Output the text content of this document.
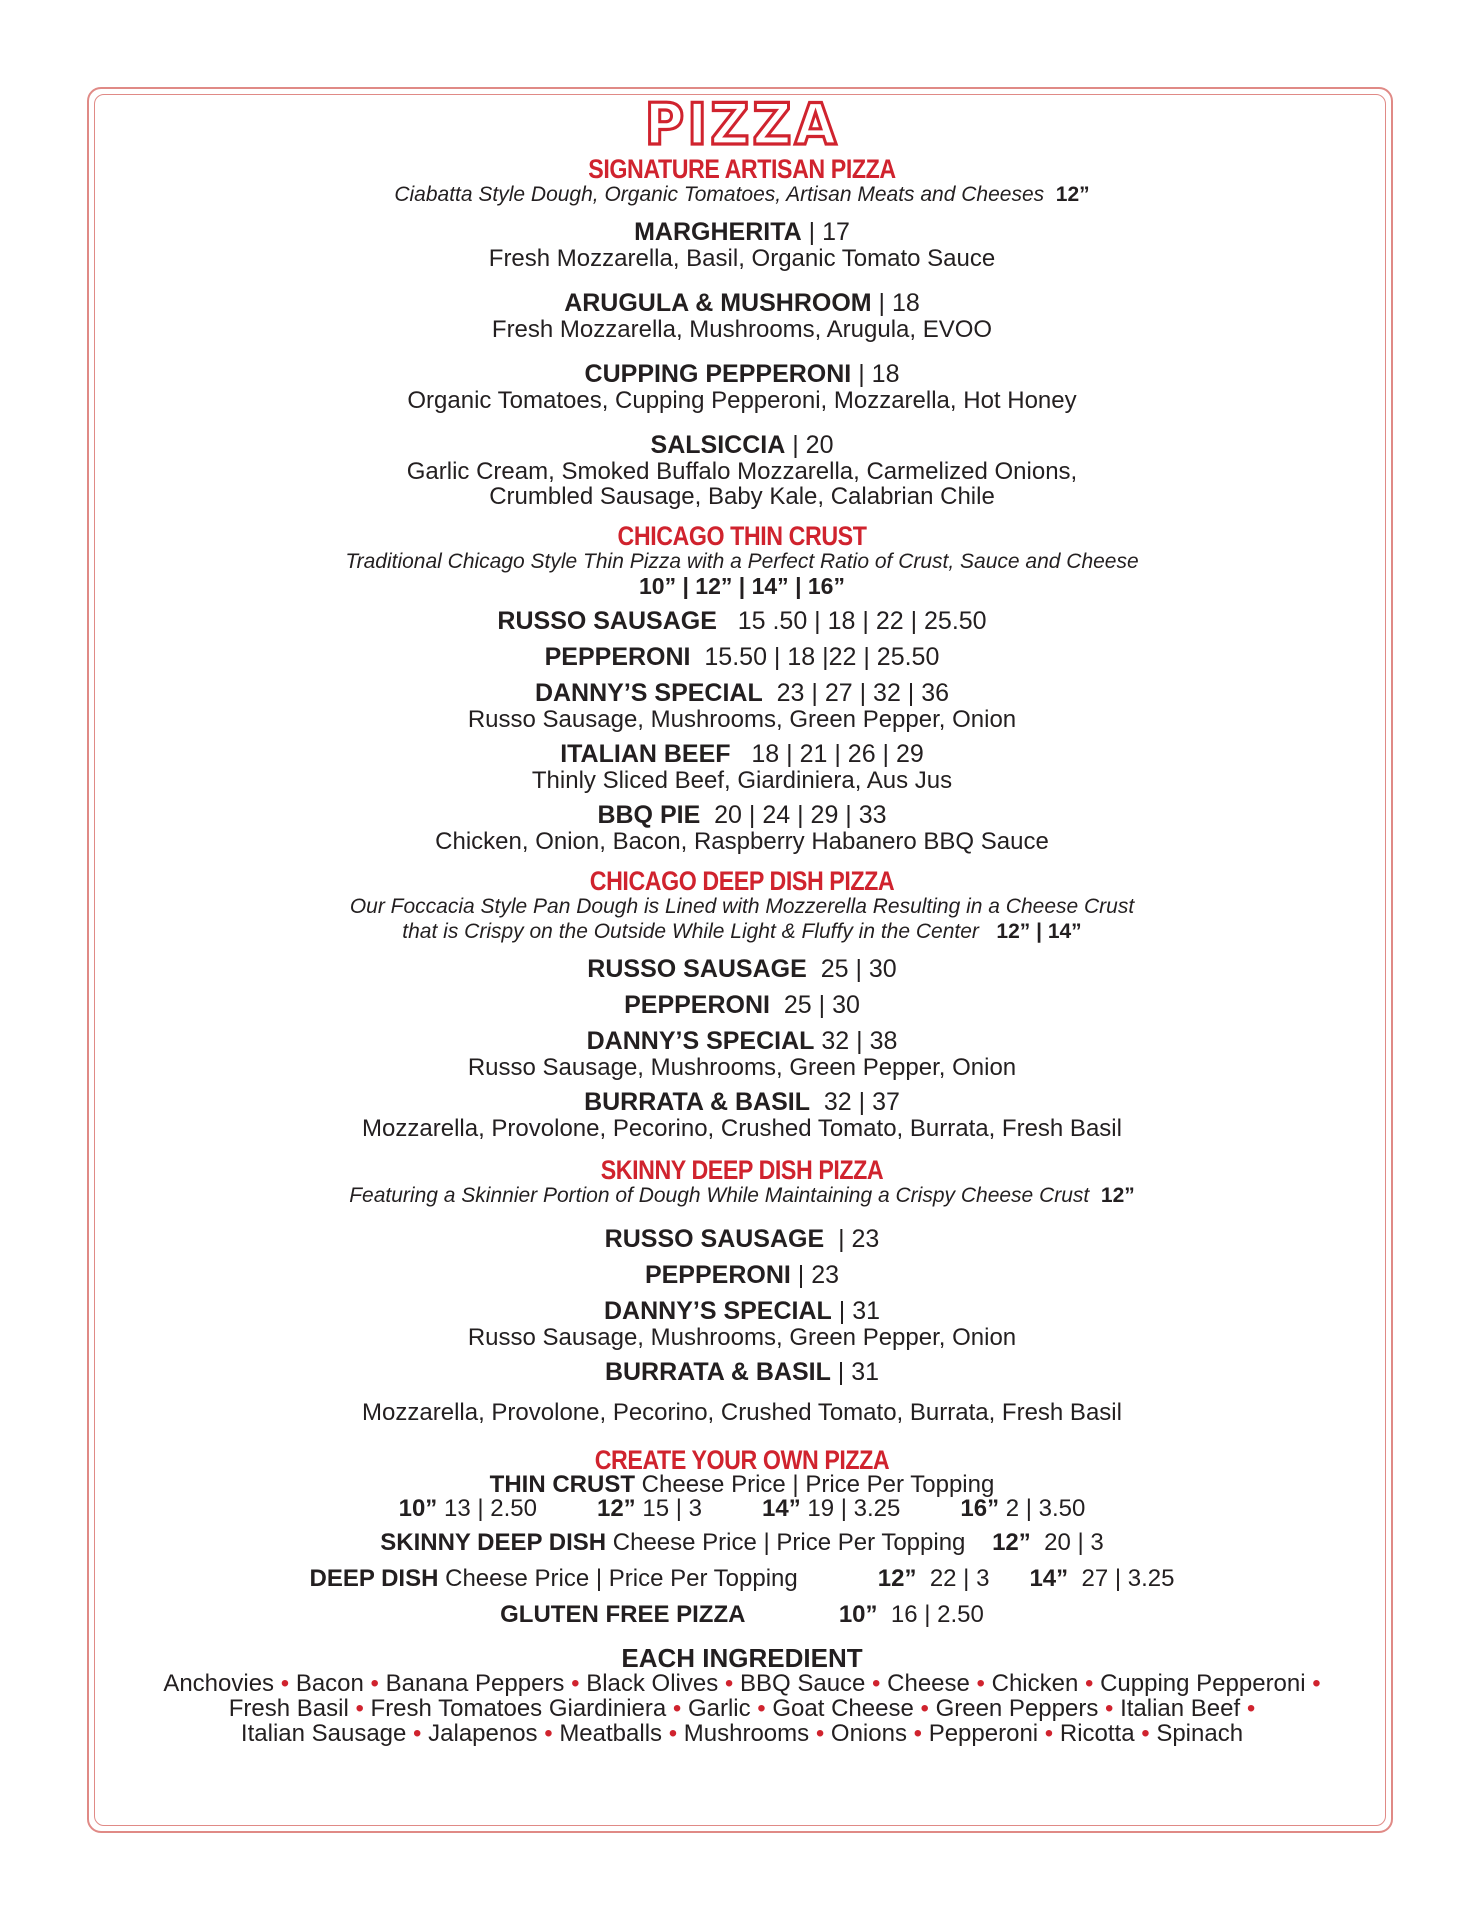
PIZZA
SIGNATURE ARTISAN PIZZA
Ciabatta Style Dough, Organic Tomatoes, Artisan Meats and Cheeses 12”
MARGHERITA | 17
Fresh Mozzarella, Basil, Organic Tomato Sauce
ARUGULA & MUSHROOM | 18
Fresh Mozzarella, Mushrooms, Arugula, EVOO
CUPPING PEPPERONI | 18
Organic Tomatoes, Cupping Pepperoni, Mozzarella, Hot Honey
SALSICCIA | 20
Garlic Cream, Smoked Buffalo Mozzarella, Carmelized Onions,
Crumbled Sausage, Baby Kale, Calabrian Chile
CHICAGO THIN CRUST
Traditional Chicago Style Thin Pizza with a Perfect Ratio of Crust, Sauce and Cheese
10” | 12” | 14” | 16”
RUSSO SAUSAGE 15 .50 | 18 | 22 | 25.50
PEPPERONI 15.50 | 18 |22 | 25.50
DANNY’S SPECIAL 23 | 27 | 32 | 36
Russo Sausage, Mushrooms, Green Pepper, Onion
ITALIAN BEEF 18 | 21 | 26 | 29
Thinly Sliced Beef, Giardiniera, Aus Jus
BBQ PIE 20 | 24 | 29 | 33
Chicken, Onion, Bacon, Raspberry Habanero BBQ Sauce
CHICAGO DEEP DISH PIZZA
Our Foccacia Style Pan Dough is Lined with Mozzerella Resulting in a Cheese Crust
that is Crispy on the Outside While Light & Fluffy in the Center 12” | 14”
RUSSO SAUSAGE 25 | 30
PEPPERONI 25 | 30
DANNY’S SPECIAL 32 | 38
Russo Sausage, Mushrooms, Green Pepper, Onion
BURRATA & BASIL 32 | 37
Mozzarella, Provolone, Pecorino, Crushed Tomato, Burrata, Fresh Basil
SKINNY DEEP DISH PIZZA
Featuring a Skinnier Portion of Dough While Maintaining a Crispy Cheese Crust 12”
RUSSO SAUSAGE | 23
PEPPERONI | 23
DANNY’S SPECIAL | 31
Russo Sausage, Mushrooms, Green Pepper, Onion
BURRATA & BASIL | 31
Mozzarella, Provolone, Pecorino, Crushed Tomato, Burrata, Fresh Basil
CREATE YOUR OWN PIZZA
THIN CRUST Cheese Price | Price Per Topping
10” 13 | 2.50	12” 15 | 3	14” 19 | 3.25	16” 2 | 3.50
SKINNY DEEP DISH Cheese Price | Price Per Topping 12” 20 | 3
DEEP DISH Cheese Price | Price Per Topping	12” 22 | 3 14” 27 | 3.25
GLUTEN FREE PIZZA	10” 16 | 2.50
EACH INGREDIENT
Anchovies • Bacon • Banana Peppers • Black Olives • BBQ Sauce • Cheese • Chicken • Cupping Pepperoni •
Fresh Basil • Fresh Tomatoes Giardiniera • Garlic • Goat Cheese • Green Peppers • Italian Beef •
Italian Sausage • Jalapenos • Meatballs • Mushrooms • Onions • Pepperoni • Ricotta • Spinach
